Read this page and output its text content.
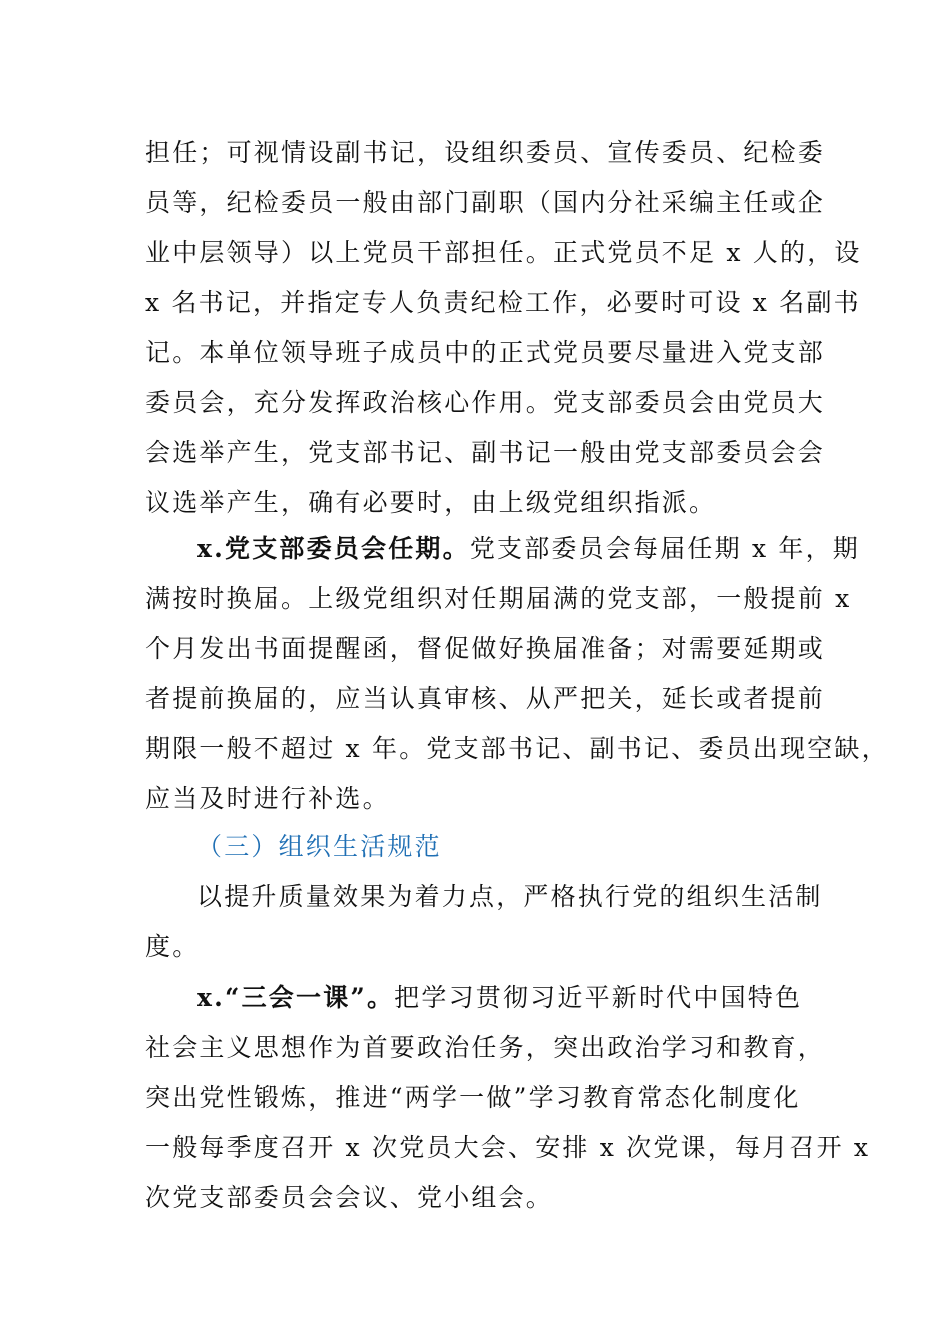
担任；可视情设副书记，设组织委员、宣传委员、纪检委
员等，纪检委员一般由部门副职（国内分社采编主任或企
业中层领导）以上党员干部担任。正式党员不足 x 人的，设
x 名书记，并指定专人负责纪检工作，必要时可设 x 名副书
记。本单位领导班子成员中的正式党员要尽量进入党支部
委员会，充分发挥政治核心作用。党支部委员会由党员大
会选举产生，党支部书记、副书记一般由党支部委员会会
议选举产生，确有必要时，由上级党组织指派。
x.党支部委员会任期。党支部委员会每届任期 x 年，期
满按时换届。上级党组织对任期届满的党支部，一般提前 x
个月发出书面提醒函，督促做好换届准备；对需要延期或
者提前换届的，应当认真审核、从严把关，延长或者提前
期限一般不超过 x 年。党支部书记、副书记、委员出现空缺，
应当及时进行补选。
（三）组织生活规范
以提升质量效果为着力点，严格执行党的组织生活制
度。
x.“三会一课”。把学习贯彻习近平新时代中国特色
社会主义思想作为首要政治任务，突出政治学习和教育，
突出党性锻炼，推进“两学一做”学习教育常态化制度化
一般每季度召开 x 次党员大会、安排 x 次党课，每月召开 x
次党支部委员会会议、党小组会。
